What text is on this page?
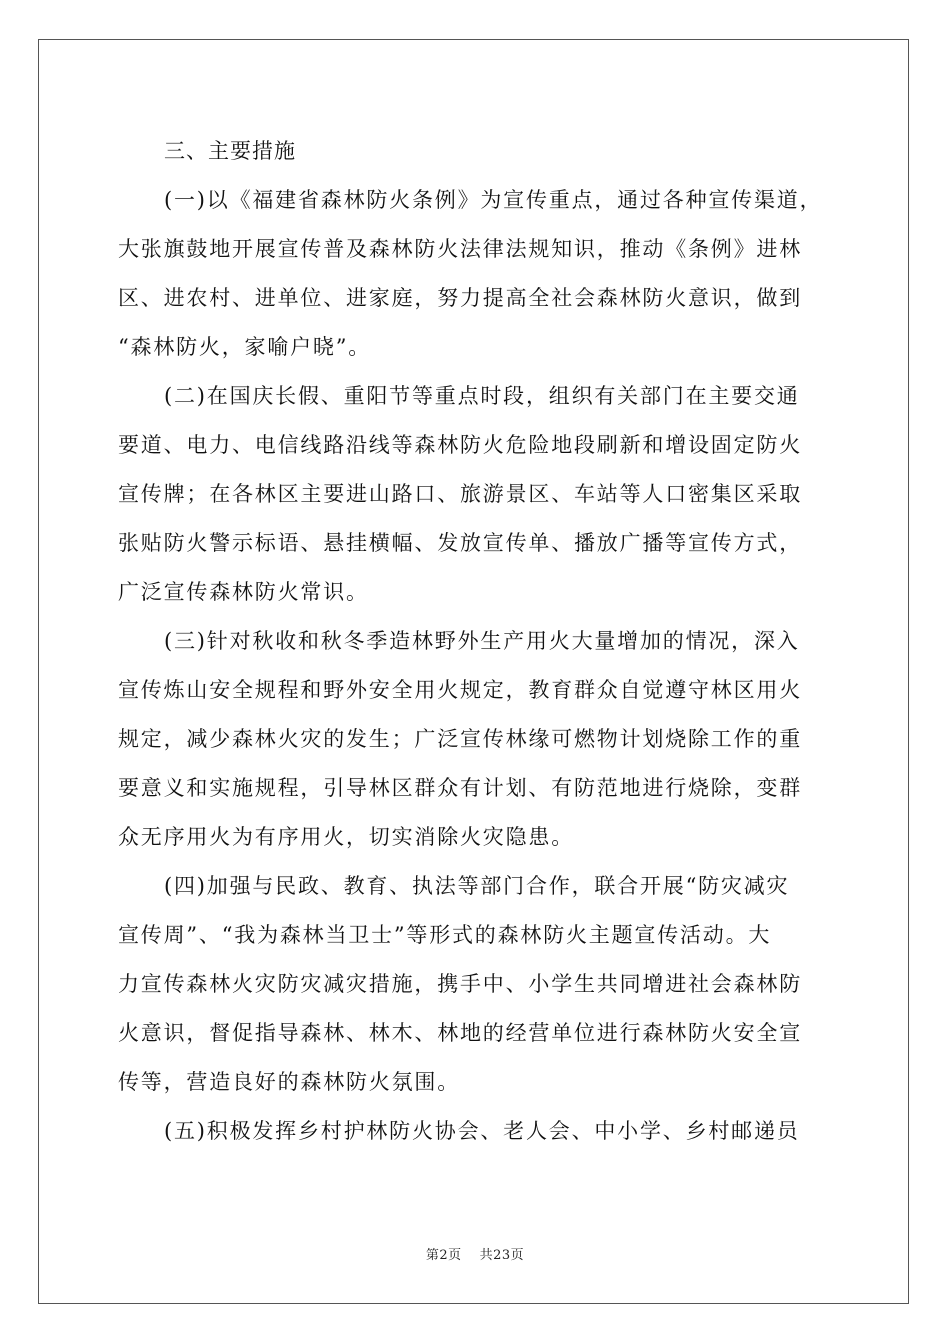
三、主要措施

(一)以《福建省森林防火条例》为宣传重点，通过各种宣传渠道，
大张旗鼓地开展宣传普及森林防火法律法规知识，推动《条例》进林
区、进农村、进单位、进家庭，努力提高全社会森林防火意识，做到
“森林防火，家喻户晓”。

(二)在国庆长假、重阳节等重点时段，组织有关部门在主要交通
要道、电力、电信线路沿线等森林防火危险地段刷新和增设固定防火
宣传牌；在各林区主要进山路口、旅游景区、车站等人口密集区采取
张贴防火警示标语、悬挂横幅、发放宣传单、播放广播等宣传方式，
广泛宣传森林防火常识。

(三)针对秋收和秋冬季造林野外生产用火大量增加的情况，深入
宣传炼山安全规程和野外安全用火规定，教育群众自觉遵守林区用火
规定，减少森林火灾的发生；广泛宣传林缘可燃物计划烧除工作的重
要意义和实施规程，引导林区群众有计划、有防范地进行烧除，变群
众无序用火为有序用火，切实消除火灾隐患。

(四)加强与民政、教育、执法等部门合作，联合开展“防灾减灾
宣传周”、“我为森林当卫士”等形式的森林防火主题宣传活动。大
力宣传森林火灾防灾减灾措施，携手中、小学生共同增进社会森林防
火意识，督促指导森林、林木、林地的经营单位进行森林防火安全宣
传等，营造良好的森林防火氛围。

(五)积极发挥乡村护林防火协会、老人会、中小学、乡村邮递员

第2页 共23页
